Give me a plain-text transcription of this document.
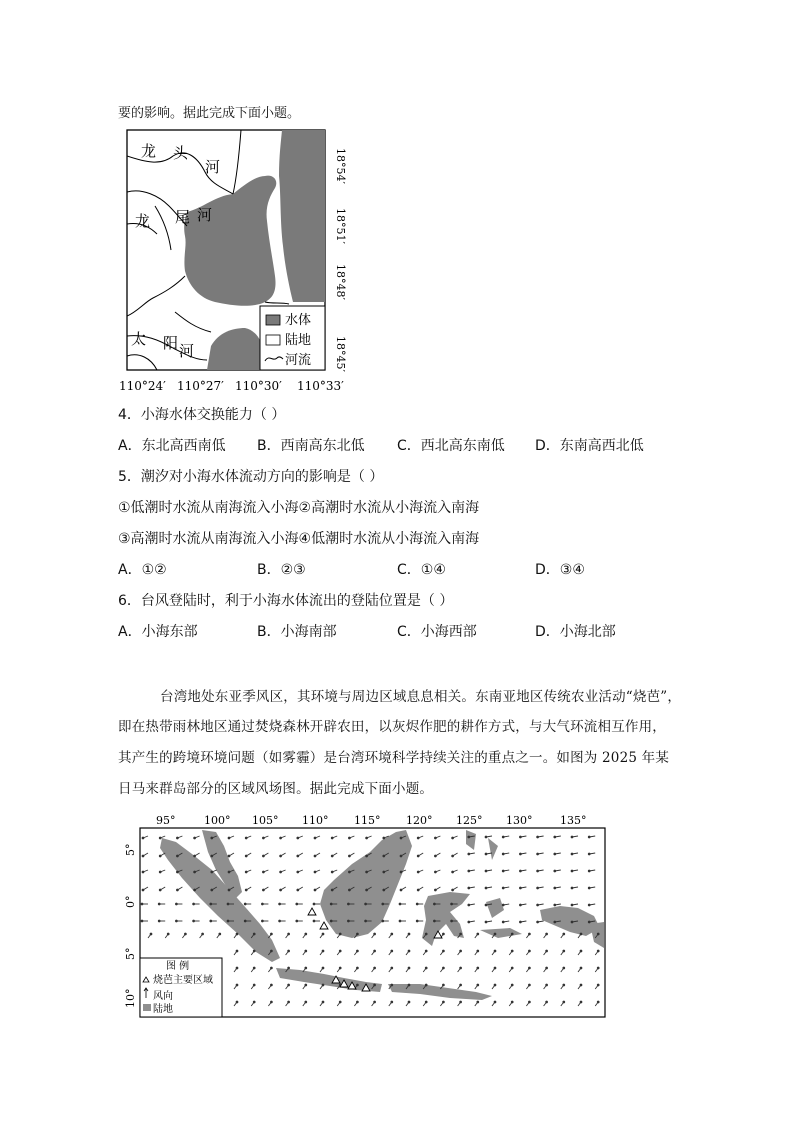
要的影响。据此完成下面小题。
水体
陆地
河流
龙 头
河
龙 尾 河
太 阳 河
18°54′
18°51′
18°48′
18°45′
110°24′ 110°27′ 110°30′ 110°33′
4．小海水体交换能力（ ）
A．东北高西南低 B．西南高东北低 C．西北高东南低 D．东南高西北低
5．潮汐对小海水体流动方向的影响是（ ）
①低潮时水流从南海流入小海②高潮时水流从小海流入南海
③高潮时水流从南海流入小海④低潮时水流从小海流入南海
A．①②	B．②③	C．①④	D．③④
6．台风登陆时，利于小海水体流出的登陆位置是（ ）
A．小海东部	B．小海南部	C．小海西部	D．小海北部
台湾地处东亚季风区，其环境与周边区域息息相关。东南亚地区传统农业活动“烧芭”，
即在热带雨林地区通过焚烧森林开辟农田，以灰烬作肥的耕作方式，与大气环流相互作用，
其产生的跨境环境问题（如雾霾）是台湾环境科学持续关注的重点之一。如图为 2025 年某
日马来群岛部分的区域风场图。据此完成下面小题。
95°	100° 105° 110° 115° 120° 125° 130°	135°
5°
0°
5°
10°
图 例
烧芭主要区域
风向
陆地
